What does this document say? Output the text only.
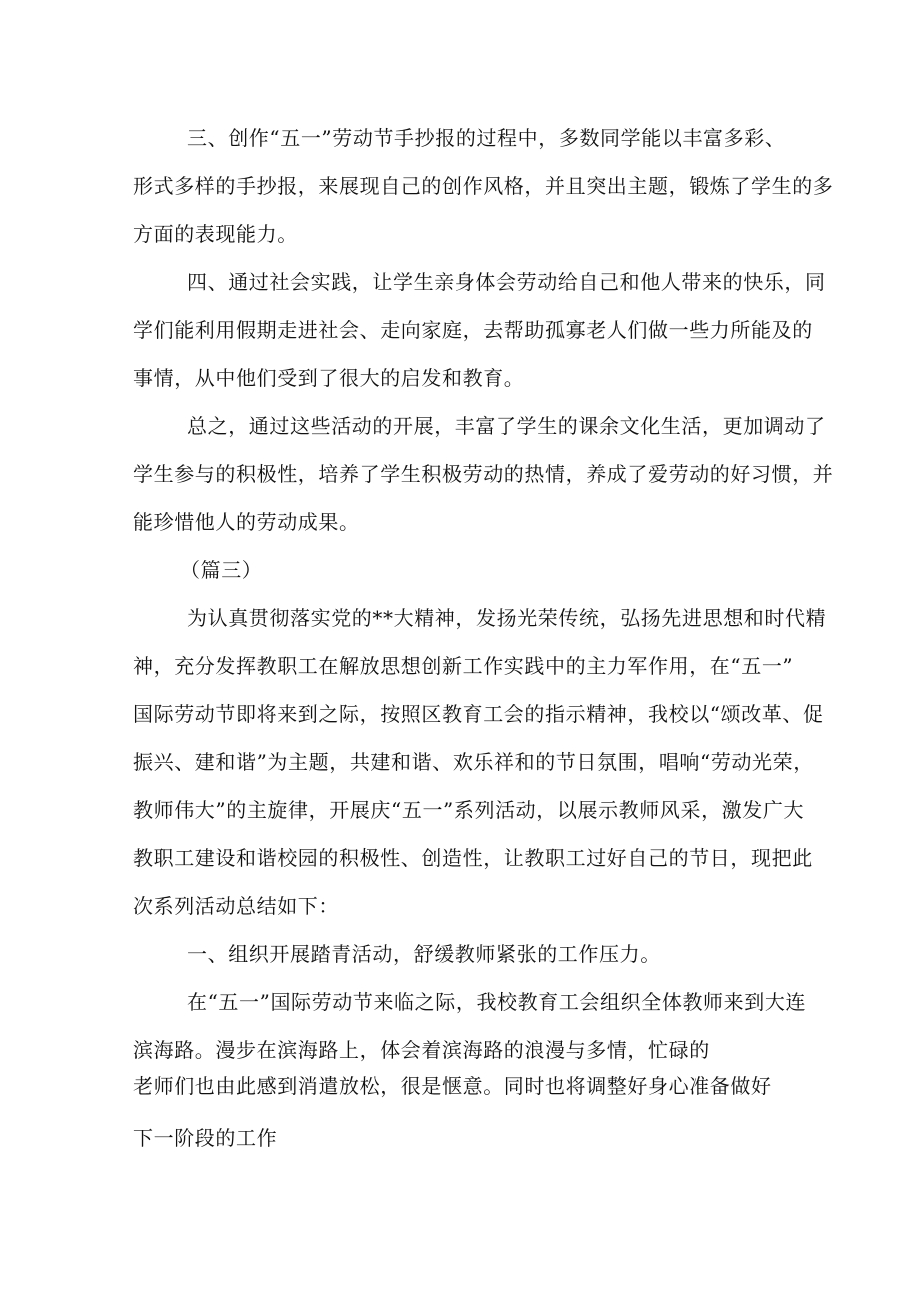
三、创作“五一”劳动节手抄报的过程中，多数同学能以丰富多彩、
形式多样的手抄报，来展现自己的创作风格，并且突出主题，锻炼了学生的多
方面的表现能力。
四、通过社会实践，让学生亲身体会劳动给自己和他人带来的快乐，同
学们能利用假期走进社会、走向家庭，去帮助孤寡老人们做一些力所能及的
事情，从中他们受到了很大的启发和教育。
总之，通过这些活动的开展，丰富了学生的课余文化生活，更加调动了
学生参与的积极性，培养了学生积极劳动的热情，养成了爱劳动的好习惯，并
能珍惜他人的劳动成果。
（篇三）
为认真贯彻落实党的**大精神，发扬光荣传统，弘扬先进思想和时代精
神，充分发挥教职工在解放思想创新工作实践中的主力军作用，在“五一”
国际劳动节即将来到之际，按照区教育工会的指示精神，我校以“颂改革、促
振兴、建和谐”为主题，共建和谐、欢乐祥和的节日氛围，唱响“劳动光荣，
教师伟大”的主旋律，开展庆“五一”系列活动，以展示教师风采，激发广大
教职工建设和谐校园的积极性、创造性，让教职工过好自己的节日，现把此
次系列活动总结如下：
一、组织开展踏青活动，舒缓教师紧张的工作压力。
在“五一”国际劳动节来临之际，我校教育工会组织全体教师来到大连
滨海路。漫步在滨海路上，体会着滨海路的浪漫与多情，忙碌的
老师们也由此感到消遣放松，很是惬意。同时也将调整好身心准备做好
下一阶段的工作
